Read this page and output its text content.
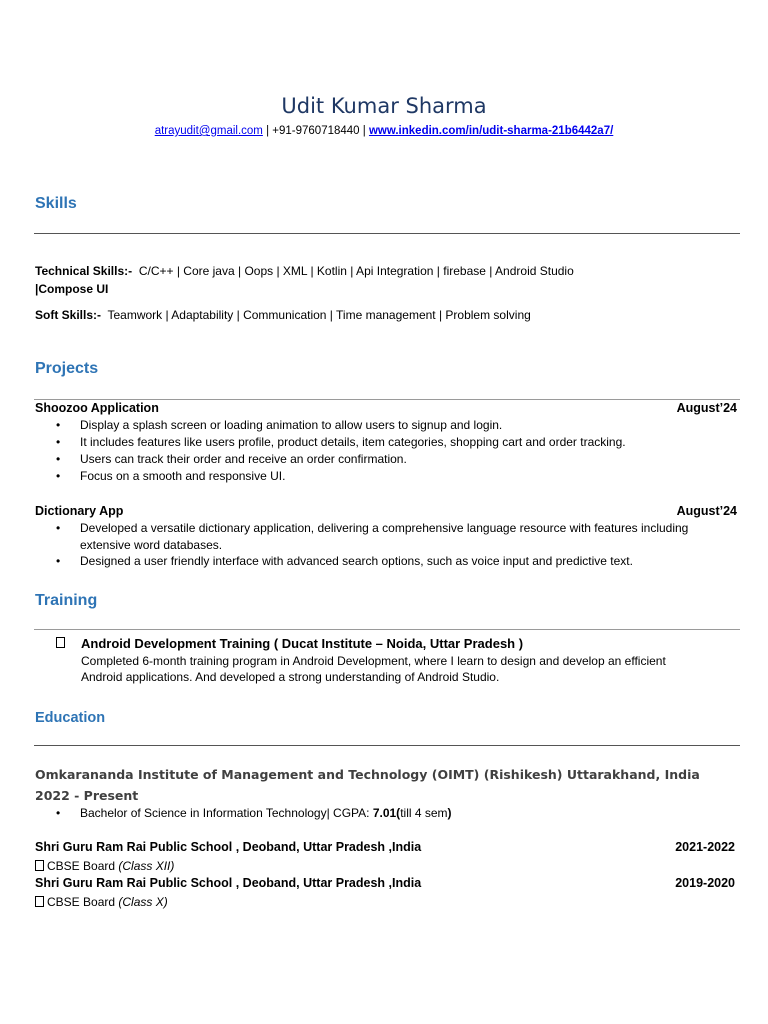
Udit Kumar Sharma
atrayudit@gmail.com | +91-9760718440 | www.inkedin.com/in/udit-sharma-21b6442a7/
Skills
Technical Skills:- C/C++ | Core java | Oops | XML | Kotlin | Api Integration | firebase | Android Studio
|Compose UI
Soft Skills:- Teamwork | Adaptability | Communication | Time management | Problem solving
Projects
Shoozoo Application	August’24
• Display a splash screen or loading animation to allow users to signup and login.
• It includes features like users profile, product details, item categories, shopping cart and order tracking.
• Users can track their order and receive an order confirmation.
• Focus on a smooth and responsive UI.
Dictionary App	August’24
• Developed a versatile dictionary application, delivering a comprehensive language resource with features including
extensive word databases.
• Designed a user friendly interface with advanced search options, such as voice input and predictive text.
Training
Android Development Training ( Ducat Institute – Noida, Uttar Pradesh )
Completed 6-month training program in Android Development, where I learn to design and develop an efficient
Android applications. And developed a strong understanding of Android Studio.
Education
Omkarananda Institute of Management and Technology (OIMT) (Rishikesh) Uttarakhand, India
2022 - Present
• Bachelor of Science in Information Technology| CGPA: 7.01(till 4 sem)
Shri Guru Ram Rai Public School , Deoband, Uttar Pradesh ,India	2021-2022
CBSE Board (Class XII)
Shri Guru Ram Rai Public School , Deoband, Uttar Pradesh ,India	2019-2020
CBSE Board (Class X)
